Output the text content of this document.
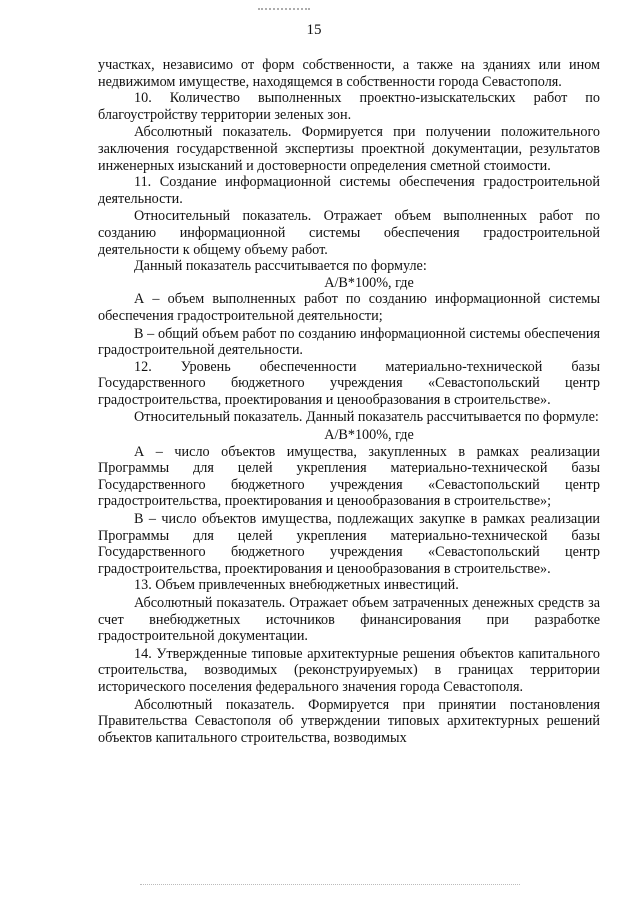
15

участках, независимо от форм собственности, а также на зданиях или ином недвижимом имуществе, находящемся в собственности города Севастополя.

10. Количество выполненных проектно-изыскательских работ по благоустройству территории зеленых зон.

Абсолютный показатель. Формируется при получении положительного заключения государственной экспертизы проектной документации, результатов инженерных изысканий и достоверности определения сметной стоимости.

11. Создание информационной системы обеспечения градостроительной деятельности.

Относительный показатель. Отражает объем выполненных работ по созданию информационной системы обеспечения градостроительной деятельности к общему объему работ.

Данный показатель рассчитывается по формуле:

А/В*100%, где

А – объем выполненных работ по созданию информационной системы обеспечения градостроительной деятельности;

В – общий объем работ по созданию информационной системы обеспечения градостроительной деятельности.

12. Уровень обеспеченности материально-технической базы Государственного бюджетного учреждения «Севастопольский центр градостроительства, проектирования и ценообразования в строительстве».

Относительный показатель. Данный показатель рассчитывается по формуле:

А/В*100%, где

А – число объектов имущества, закупленных в рамках реализации Программы для целей укрепления материально-технической базы Государственного бюджетного учреждения «Севастопольский центр градостроительства, проектирования и ценообразования в строительстве»;

В – число объектов имущества, подлежащих закупке в рамках реализации Программы для целей укрепления материально-технической базы Государственного бюджетного учреждения «Севастопольский центр градостроительства, проектирования и ценообразования в строительстве».

13. Объем привлеченных внебюджетных инвестиций.

Абсолютный показатель. Отражает объем затраченных денежных средств за счет внебюджетных источников финансирования при разработке градостроительной документации.

14. Утвержденные типовые архитектурные решения объектов капитального строительства, возводимых (реконструируемых) в границах территории исторического поселения федерального значения города Севастополя.

Абсолютный показатель. Формируется при принятии постановления Правительства Севастополя об утверждении типовых архитектурных решений объектов капитального строительства, возводимых
